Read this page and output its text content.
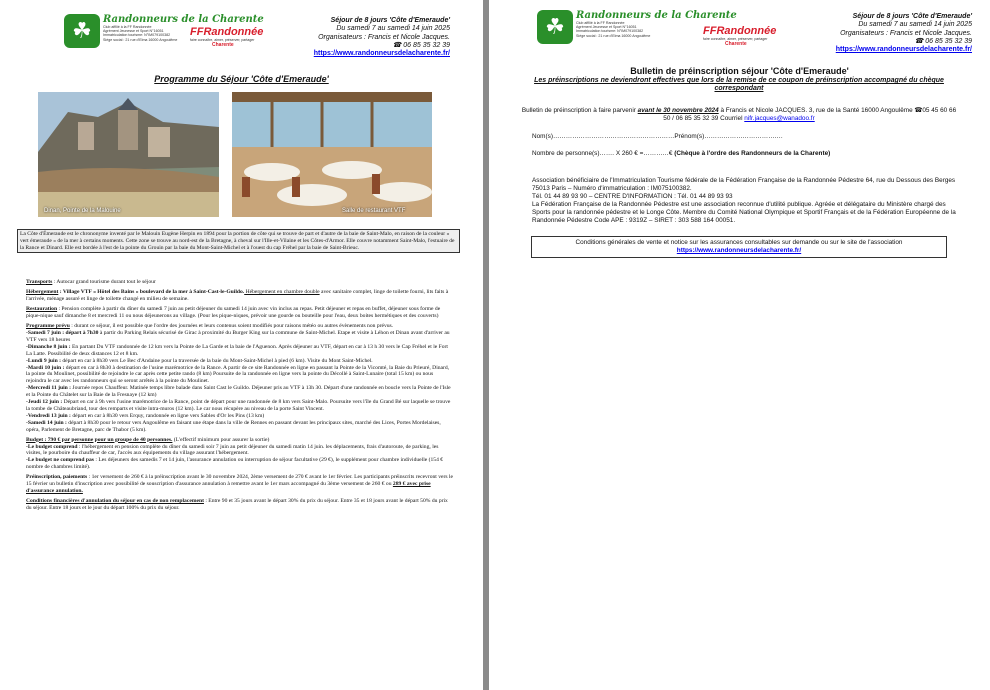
☘	Randonneurs de la Charente
Club affilié à la FF Randonnée
Agrément Jeunesse et Sport N°16051
Immatriculation tourisme: N°IM079100382
Siège social : 21 rue d'Elma 16000 Angoulême
FFRandonnée
faire connaître, aimer, préserver, partager
Charente
Séjour de 8 jours 'Côte d'Emeraude'
Du samedi 7 au samedi 14 juin 2025
Organisateurs : Francis et Nicole Jacques.
☎ 06 85 35 32 39
https://www.randonneursdelacharente.fr/
Programme du Séjour 'Côte d'Emeraude'
Dinan, Pointe de la Malouine	Salle de restaurant VTF
La Côte d'Émeraude est le chrononyme inventé par le Malouin Eugène Herpin en 1894 pour la portion de côte qui se trouve de part et d'autre de la baie de Saint-Malo, en raison de la couleur « vert émeraude » de la mer à certains moments. Cette zone se trouve au nord-est de la Bretagne, à cheval sur l'Ille-et-Vilaine et les Côtes-d'Armor. Elle couvre notamment Saint-Malo, l'estuaire de la Rance et Dinard. Elle est bordée à l'est de la pointe du Grouin par la baie du Mont-Saint-Michel et à l'ouest du cap Fréhel par la baie de Saint-Brieuc.

Transports : Autocar grand tourisme durant tout le séjour

Hébergement : Village VTF « Hôtel des Bains » boulevard de la mer à Saint-Cast-le-Guildo. Hébergement en chambre double avec sanitaire complet, linge de toilette fourni, lits faits à l'arrivée, ménage assuré et linge de toilette changé en milieu de semaine.

Restauration : Pension complète à partir du dîner du samedi 7 juin au petit déjeuner du samedi 14 juin avec vin inclus au repas. Petit déjeuner et repas en buffet, déjeuner sous forme de pique-nique sauf dimanche 8 et mercredi 11 ou nous déjeunerons au village. (Pour les pique-niques, prévoir une gourde ou bouteille pour l'eau, deux boites hermétiques et des couverts)

Programme prévu : durant ce séjour, il est possible que l'ordre des journées et leurs contenus soient modifiés pour raisons météo ou autres évènements non prévus.

-Samedi 7 juin : départ à 7h30 à partir du Parking Relais sécurisé de Girac à proximité du Burger King sur la commune de Saint-Michel. Etape et visite à Léhon et Dinan avant d'arriver au VTF vers 18 heures
-Dimanche 8 juin : En partant Du VTF randonnée de 12 km vers la Pointe de La Garde et la baie de l'Aguenon. Après déjeuner au VTF, départ en car à 13 h 30 vers le Cap Fréhel et le Fort La Latte. Possibilité de deux distances 12 et 8 km.
-Lundi 9 juin : départ en car à 8h30 vers Le Bec d'Andaine pour la traversée de la baie du Mont-Saint-Michel à pied (6 km). Visite du Mont Saint-Michel.
-Mardi 10 juin : départ en car à 8h30 à destination de l'usine marémotrice de la Rance. A partir de ce site Randonnée en ligne en passant la Pointe de la Vicomté, la Baie du Prieuré, Dinard, la pointe du Moulinet, possibilité de rejoindre le car après cette petite rando (8 km) Poursuite de la randonnée en ligne vers la pointe du Décollé à Saint-Lunaire (total 15 km) ou nous rejoindra le car avec les randonneurs qui se seront arrêtés à la pointe du Moulinet.
-Mercredi 11 juin : Journée repos Chauffeur. Matinée temps libre balade dans Saint Cast le Guildo. Déjeuner pris au VTF à 13h 30. Départ d'une randonnée en boucle vers la Pointe de l'Isle et la Pointe du Châtelet sur la Baie de la Fresnaye (12 km)
-Jeudi 12 juin : Départ en car à 9h vers l'usine marémotrice de la Rance, point de départ pour une randonnée de 8 km vers Saint-Malo. Poursuite vers l'île du Grand Bé sur laquelle se trouve la tombe de Châteaubriand, tour des remparts et visite intra-muros (12 km). Le car nous récupère au niveau de la porte Saint Vincent.
-Vendredi 13 juin : départ en car à 8h30 vers Erquy, randonnée en ligne vers Sables d'Or les Pins (13 km)
-Samedi 14 juin : départ à 8h30 pour le retour vers Angoulême en faisant une étape dans la ville de Rennes en passant devant les principaux sites, marché des Lices, Portes Mordelaises, opéra, Parlement de Bretagne, parc de Thabor (5 km).
Budget : 790 € par personne pour un groupe de 40 personnes. (L'effectif minimum pour assurer la sortie)
-Le budget comprend : l'hébergement en pension complète du dîner du samedi soir 7 juin au petit déjeuner du samedi matin 14 juin. les déplacements, frais d'autoroute, de parking, les visites, le pourboire du chauffeur de car, l'accès aux équipements du village assurant l'hébergement.

-Le budget ne comprend pas : Les déjeuners des samedis 7 et 14 juin, l'assurance annulation ou interruption de séjour facultative (29 €), le supplément pour chambre individuelle (154 € nombre de chambres limité).

Préinscription, paiements : 1er versement de 260 € à la préinscription avant le 30 novembre 2024, 2ème versement de 270 € avant le 1er février. Les participants préinscrits recevront vers le 15 février un bulletin d'inscription avec possibilité de souscription d'assurance annulation à remettre avant le 1er mars accompagné du 3ème versement de 260 € ou 289 € avec prise d'assurance annulation.

Conditions financières d'annulation du séjour en cas de non remplacement : Entre 90 et 35 jours avant le départ 30% du prix du séjour. Entre 35 et 18 jours avant le départ 50% du prix du séjour. Entre 18 jours et le jour du départ 100% du prix du séjour.

☘	Randonneurs de la Charente
Club affilié à la FF Randonnée
Agrément Jeunesse et Sport N°16051
Immatriculation tourisme: N°IM079100382
Siège social : 21 rue d'Elma 16000 Angoulême	FFRandonnée
faire connaître, aimer, préserver, partager
Charente
Séjour de 8 jours 'Côte d'Emeraude'
Du samedi 7 au samedi 14 juin 2025
Organisateurs : Francis et Nicole Jacques.
☎ 06 85 35 32 39
https://www.randonneursdelacharente.fr/
Bulletin de préinscription séjour 'Côte d'Emeraude'
Les préinscriptions ne deviendront effectives que lors de la remise de ce coupon de préinscription accompagné du chèque correspondant
Bulletin de préinscription à faire parvenir avant le 30 novembre 2024 à Francis et Nicole JACQUES. 3, rue de la Santé 16000 Angoulême ☎05 45 60 66 50 / 06 85 35 32 39 Courriel nifr.jacques@wanadoo.fr
Nom(s)…………………………………………………Prénom(s)……………………………….
Nombre de personne(s)……. X 260 € =…………€ (Chèque à l'ordre des Randonneurs de la Charente)
Association bénéficiaire de l'Immatriculation Tourisme fédérale de la Fédération Française de la Randonnée Pédestre 64, rue du Dessous des Berges 75013 Paris – Numéro d'immatriculation : IM075100382.
Tél. 01 44 89 93 90 – CENTRE D'INFORMATION : Tél. 01 44 89 93 93
La Fédération Française de la Randonnée Pédestre est une association reconnue d'utilité publique. Agréée et délégataire du Ministère chargé des Sports pour la randonnée pédestre et le Longe Côte. Membre du Comité National Olympique et Sportif Français et de la Fédération Européenne de la Randonnée Pédestre Code APE : 9319Z – SIRET : 303 588 164 00051.
Conditions générales de vente et notice sur les assurances consultables sur demande ou sur le site de l'association
https://www.randonneursdelacharente.fr/
